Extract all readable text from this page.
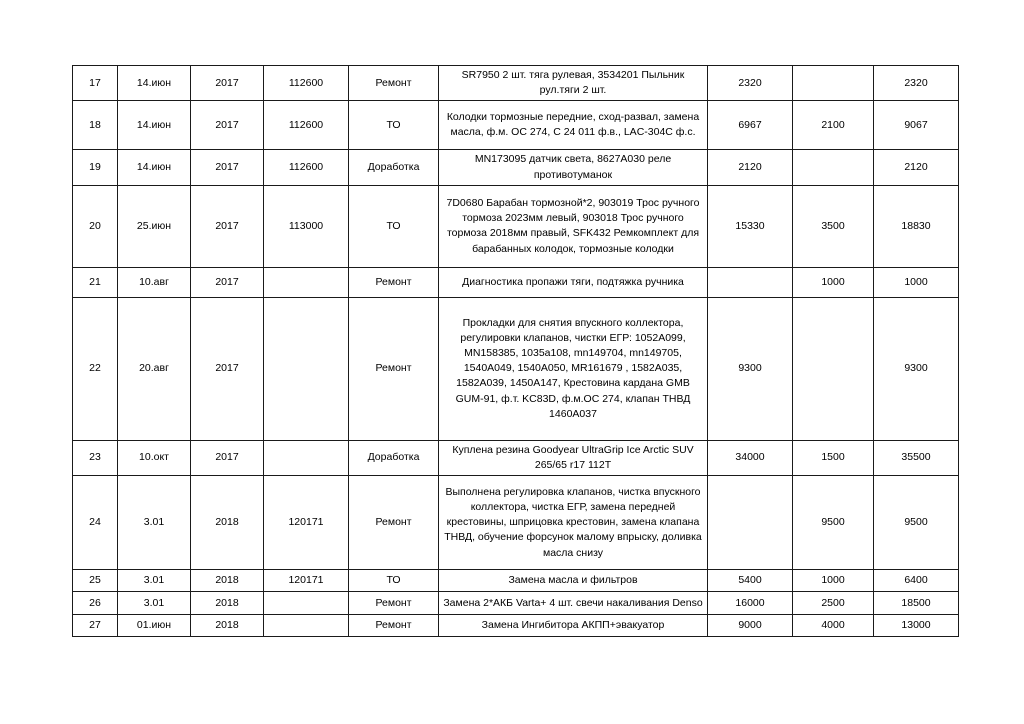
17	14.июн	2017	112600	Ремонт	SR7950 2 шт. тяга рулевая, 3534201 Пыльник рул.тяги 2 шт.	2320		2320
18	14.июн	2017	112600	ТО	Колодки тормозные передние, сход-развал, замена масла, ф.м. ОС 274, С 24 011 ф.в., LAC-304С ф.с.	6967	2100	9067
19	14.июн	2017	112600	Доработка	MN173095 датчик света, 8627A030 реле противотуманок	2120		2120
20	25.июн	2017	113000	ТО	7D0680 Барабан тормозной*2, 903019 Трос ручного тормоза 2023мм левый, 903018 Трос ручного тормоза 2018мм правый, SFK432 Ремкомплект для барабанных колодок, тормозные колодки	15330	3500	18830
21	10.авг	2017		Ремонт	Диагностика пропажи тяги, подтяжка ручника		1000	1000
22	20.авг	2017		Ремонт	Прокладки для снятия впускного коллектора, регулировки клапанов, чистки ЕГР: 1052A099, MN158385, 1035a108, mn149704, mn149705, 1540A049, 1540A050, MR161679 , 1582A035, 1582A039, 1450A147, Крестовина кардана GMB GUM-91, ф.т. KC83D, ф.м.ОС 274, клапан ТНВД 1460A037	9300		9300
23	10.окт	2017		Доработка	Куплена резина Goodyear UltraGrip Ice Arctic SUV 265/65 r17 112T	34000	1500	35500
24	3.01	2018	120171	Ремонт	Выполнена регулировка клапанов, чистка впускного коллектора, чистка ЕГР, замена передней крестовины, шприцовка крестовин, замена клапана ТНВД, обучение форсунок малому впрыску, доливка масла снизу		9500	9500
25	3.01	2018	120171	ТО	Замена масла и фильтров	5400	1000	6400
26	3.01	2018		Ремонт	Замена 2*АКБ Varta+ 4 шт. свечи накаливания Denso	16000	2500	18500
27	01.июн	2018		Ремонт	Замена Ингибитора АКПП+эвакуатор	9000	4000	13000
